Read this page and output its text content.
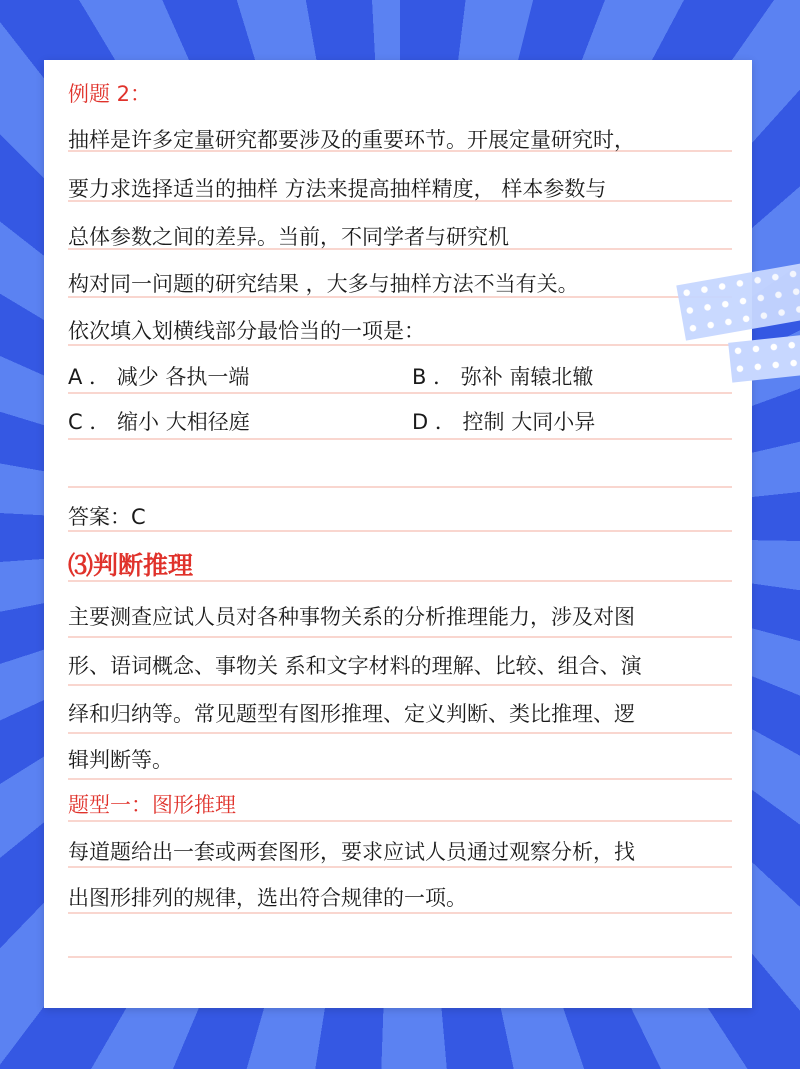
例题 2：
抽样是许多定量研究都要涉及的重要环节。开展定量研究时，
要力求选择适当的抽样 方法来提高抽样精度， 样本参数与
总体参数之间的差异。当前，不同学者与研究机
构对同一问题的研究结果 ，大多与抽样方法不当有关。
依次填入划横线部分最恰当的一项是：
A ． 减少 各执一端	B ． 弥补 南辕北辙
C ． 缩小 大相径庭	D ． 控制 大同小异
答案：C
⑶判断推理
主要测查应试人员对各种事物关系的分析推理能力，涉及对图
形、语词概念、事物关 系和文字材料的理解、比较、组合、演
绎和归纳等。常见题型有图形推理、定义判断、类比推理、逻
辑判断等。
题型一：图形推理
每道题给出一套或两套图形，要求应试人员通过观察分析，找
出图形排列的规律，选出符合规律的一项。
